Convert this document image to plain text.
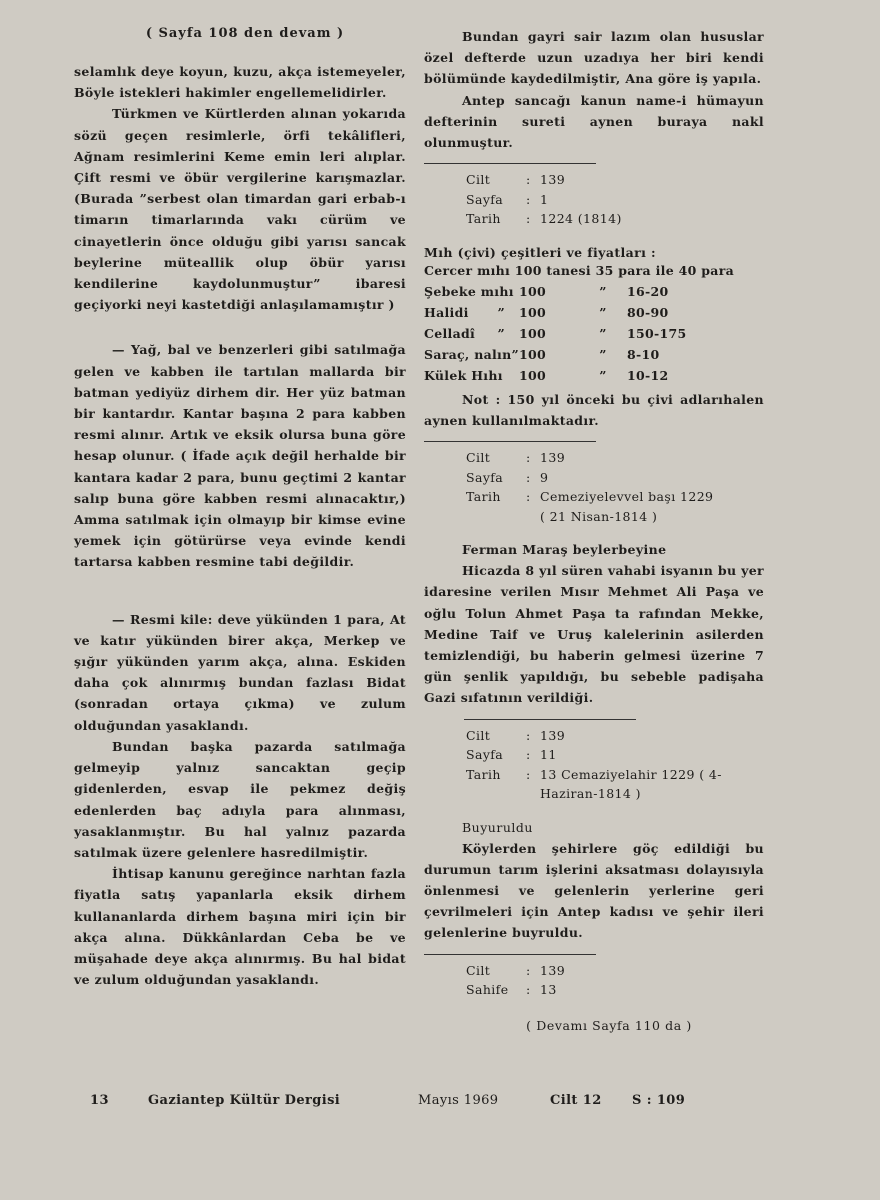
( Sayfa 108 den devam )

selamlık deye koyun, kuzu, akça istemeyeler, Böyle istekleri hakimler engellemelidirler.

Türkmen ve Kürtlerden alınan yokarıda sözü geçen resimlerle, örfi tekâlifleri, Ağnam resimlerini Keme emin leri alıplar. Çift resmi ve öbür vergilerine karışmazlar. (Burada ”serbest olan timardan gari erbab-ı timarın timarlarında vakı cürüm ve cinayetlerin önce olduğu gibi yarısı sancak beylerine müteallik olup öbür yarısı kendilerine kaydolunmuştur” ibaresi geçiyorki neyi kastetdiği anlaşılamamıştır )

— Yağ, bal ve benzerleri gibi satılmağa gelen ve kabben ile tartılan mallarda bir batman yediyüz dirhem dir. Her yüz batman bir kantardır. Kantar başına 2 para kabben resmi alınır. Artık ve eksik olursa buna göre hesap olunur. ( İfade açık değil herhalde bir kantara kadar 2 para, bunu geçtimi 2 kantar salıp buna göre kabben resmi alınacaktır,) Amma satılmak için olmayıp bir kimse evine yemek için götürürse veya evinde kendi tartarsa kabben resmine tabi değildir.

— Resmi kile: deve yükünden 1 para, At ve katır yükünden birer akça, Merkep ve şığır yükünden yarım akça, alına. Eskiden daha çok alınırmış bundan fazlası Bidat (sonradan ortaya çıkma) ve zulum olduğundan yasaklandı.

Bundan başka pazarda satılmağa gelmeyip yalnız sancaktan geçip gidenlerden, esvap ile pekmez değiş edenlerden baç adıyla para alınması, yasaklanmıştır. Bu hal yalnız pazarda satılmak üzere gelenlere hasredilmiştir.

İhtisap kanunu gereğince narhtan fazla fiyatla satış yapanlarla eksik dirhem kullananlarda dirhem başına miri için bir akça alına. Dükkânlardan Ceba be ve müşahade deye akça alınırmış. Bu hal bidat ve zulum olduğundan yasaklandı.

Bundan gayri sair lazım olan hususlar özel defterde uzun uzadıya her biri kendi bölümünde kaydedilmiştir, Ana göre iş yapıla.

Antep sancağı kanun name-i hümayun defterinin sureti aynen buraya nakl olunmuştur.

Cilt	: 139
Sayfa : 1
Tarih : 1224 (1814)
Mıh (çivi) çeşitleri ve fiyatları :
Cercer mıhı 100 tanesi 35 para ile 40 para			
Şebeke mıhı	100	”	16-20
Halidi ”	100	”	80-90
Celladî ”	100	”	150-175
Saraç, nalın”	100	”	8-10
Külek Hıhı	100	”	10-12

Not : 150 yıl önceki bu çivi adlarıhalen aynen kullanılmaktadır.

Cilt	: 139
Sayfa : 9
Tarih : Cemeziyelevvel başı 1229
( 21 Nisan-1814 )
Ferman Maraş beylerbeyine

Hicazda 8 yıl süren vahabi isyanın bu yer idaresine verilen Mısır Mehmet Ali Paşa ve oğlu Tolun Ahmet Paşa ta rafından Mekke, Medine Taif ve Uruş kalelerinin asilerden temizlendiği, bu haberin gelmesi üzerine 7 gün şenlik yapıldığı, bu sebeble padişaha Gazi sıfatının verildiği.

Cilt	: 139
Sayfa : 11
Tarih : 13 Cemaziyelahir 1229 ( 4-
Haziran-1814 )
Buyuruldu

Köylerden şehirlere göç edildiği bu durumun tarım işlerini aksatması dolayısıyla önlenmesi ve gelenlerin yerlerine geri çevrilmeleri için Antep kadısı ve şehir ileri gelenlerine buyruldu.

Cilt	: 139
Sahife : 13
( Devamı Sayfa 110 da )
13	Gaziantep Kültür Dergisi	Mayıs 1969	Cilt 12 S : 109
